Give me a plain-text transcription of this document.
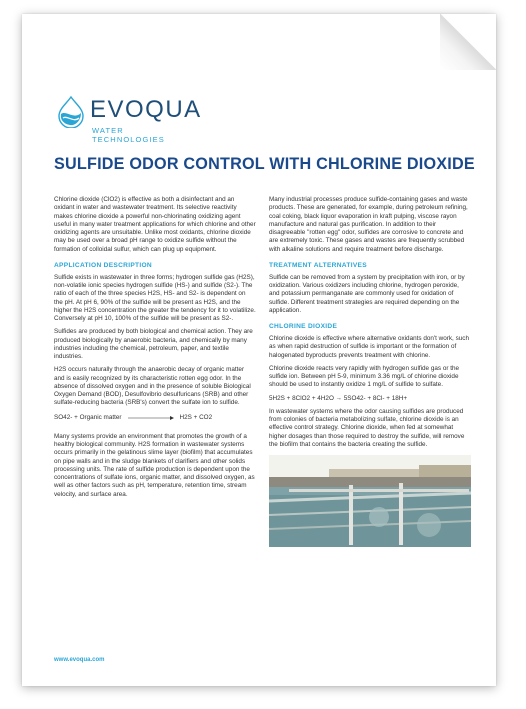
EVOQUA
WATER TECHNOLOGIES
SULFIDE ODOR CONTROL WITH CHLORINE DIOXIDE

Chlorine dioxide (ClO2) is effective as both a disinfectant and an oxidant in water and wastewater treatment. Its selective reactivity makes chlorine dioxide a powerful non-chlorinating oxidizing agent useful in many water treatment applications for which chlorine and other oxidizing agents are unsuitable. Unlike most oxidants, chlorine dioxide may be used over a broad pH range to oxidize sulfide without the formation of colloidal sulfur, which can plug up equipment.

APPLICATION DESCRIPTION

Sulfide exists in wastewater in three forms; hydrogen sulfide gas (H2S), non-volatile ionic species hydrogen sulfide (HS-) and sulfide (S2-). The ratio of each of the three species H2S, HS- and S2- is dependent on the pH. At pH 6, 90% of the sulfide will be present as H2S, and the higher the H2S concentration the greater the tendency for it to volatilize. Conversely at pH 10, 100% of the sulfide will be present as S2-.

Sulfides are produced by both biological and chemical action. They are produced biologically by anaerobic bacteria, and chemically by many industries including the chemical, petroleum, paper, and textile industries.

H2S occurs naturally through the anaerobic decay of organic matter and is easily recognized by its characteristic rotten egg odor. In the absence of dissolved oxygen and in the presence of soluble Biological Oxygen Demand (BOD), Desulfovibrio desulfuricans (SRB) and other sulfate-reducing bacteria (SRB's) convert the sulfate ion to sulfide.

SO42- + Organic matter	H2S + CO2

Many systems provide an environment that promotes the growth of a healthy biological community. H2S formation in wastewater systems occurs primarily in the gelatinous slime layer (biofilm) that accumulates on pipe walls and in the sludge blankets of clarifiers and other solids processing units. The rate of sulfide production is dependent upon the concentrations of sulfate ions, organic matter, and dissolved oxygen, as well as other factors such as pH, temperature, retention time, stream velocity, and surface area.

Many industrial processes produce sulfide-containing gases and waste products. These are generated, for example, during petroleum refining, coal coking, black liquor evaporation in kraft pulping, viscose rayon manufacture and natural gas purification. In addition to their disagreeable "rotten egg" odor, sulfides are corrosive to concrete and are extremely toxic. These gases and wastes are frequently scrubbed with alkaline solutions and require treatment before discharge.

TREATMENT ALTERNATIVES

Sulfide can be removed from a system by precipitation with iron, or by oxidization. Various oxidizers including chlorine, hydrogen peroxide, and potassium permanganate are commonly used for oxidation of sulfide. Different treatment strategies are required depending on the application.

CHLORINE DIOXIDE

Chlorine dioxide is effective where alternative oxidants don't work, such as when rapid destruction of sulfide is important or the formation of halogenated byproducts prevents treatment with chlorine.

Chlorine dioxide reacts very rapidly with hydrogen sulfide gas or the sulfide ion. Between pH 5-9, minimum 3.36 mg/L of chlorine dioxide should be used to instantly oxidize 1 mg/L of sulfide to sulfate.

5H2S + 8ClO2 + 4H2O → 5SO42- + 8Cl- + 18H+

In wastewater systems where the odor causing sulfides are produced from colonies of bacteria metabolizing sulfate, chlorine dioxide is an effective control strategy. Chlorine dioxide, when fed at somewhat higher dosages than those required to destroy the sulfide, will remove the biofilm that contains the bacteria creating the sulfide.

www.evoqua.com
